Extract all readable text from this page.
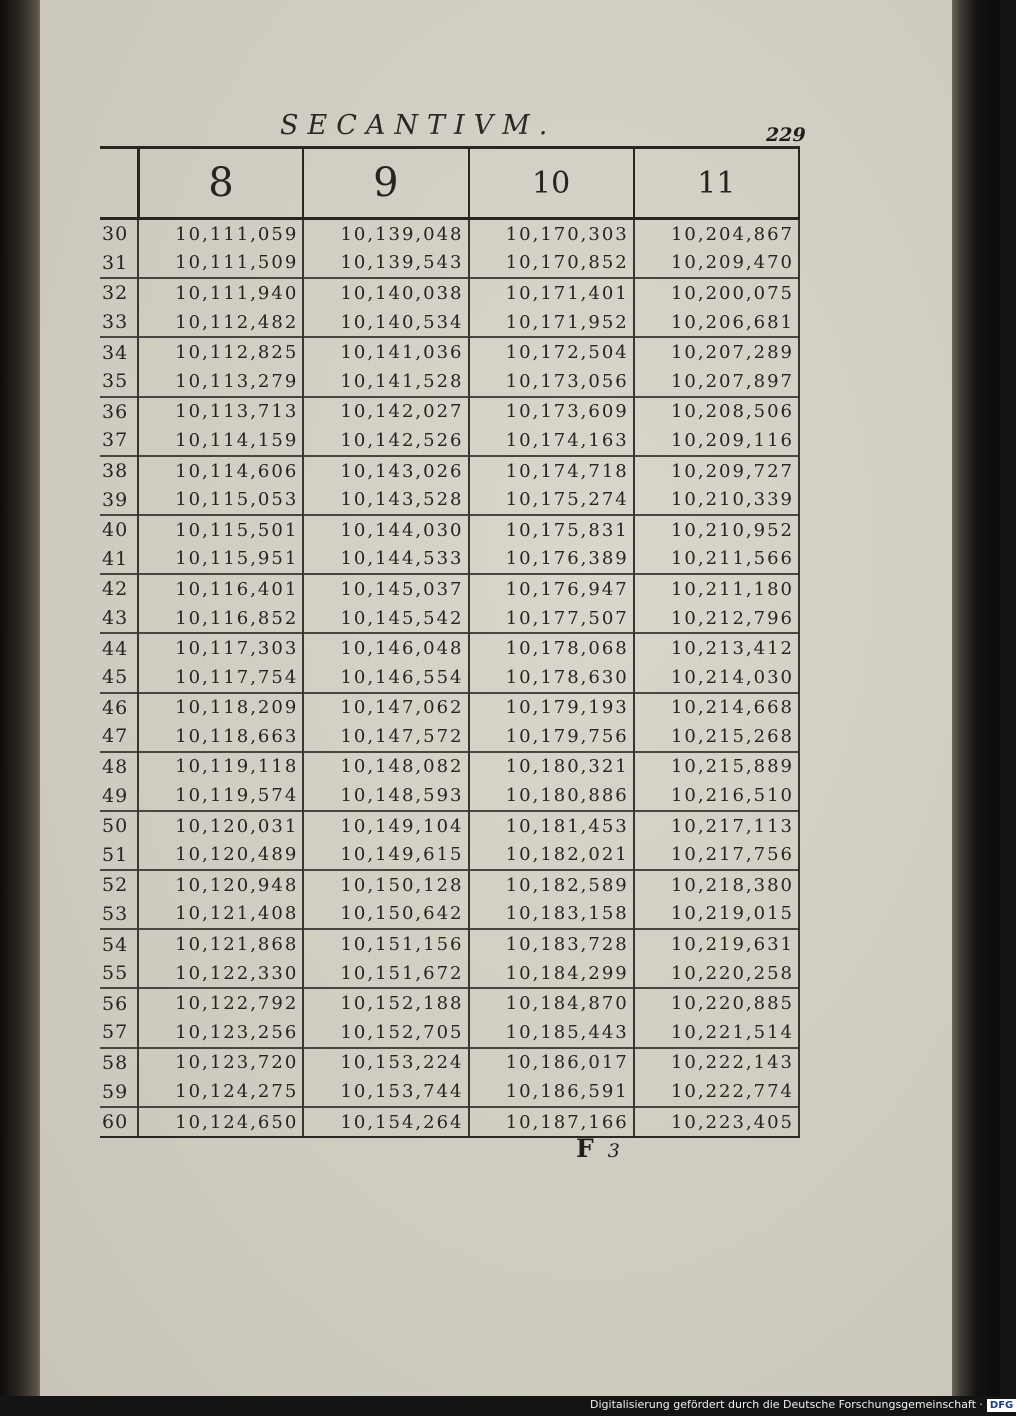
SECANTIVM.	229
	8	9	10	11
30	10,111,059	10,139,048	10,170,303	10,204,867
31	10,111,509	10,139,543	10,170,852	10,209,470
32	10,111,940	10,140,038	10,171,401	10,200,075
33	10,112,482	10,140,534	10,171,952	10,206,681
34	10,112,825	10,141,036	10,172,504	10,207,289
35	10,113,279	10,141,528	10,173,056	10,207,897
36	10,113,713	10,142,027	10,173,609	10,208,506
37	10,114,159	10,142,526	10,174,163	10,209,116
38	10,114,606	10,143,026	10,174,718	10,209,727
39	10,115,053	10,143,528	10,175,274	10,210,339
40	10,115,501	10,144,030	10,175,831	10,210,952
41	10,115,951	10,144,533	10,176,389	10,211,566
42	10,116,401	10,145,037	10,176,947	10,211,180
43	10,116,852	10,145,542	10,177,507	10,212,796
44	10,117,303	10,146,048	10,178,068	10,213,412
45	10,117,754	10,146,554	10,178,630	10,214,030
46	10,118,209	10,147,062	10,179,193	10,214,668
47	10,118,663	10,147,572	10,179,756	10,215,268
48	10,119,118	10,148,082	10,180,321	10,215,889
49	10,119,574	10,148,593	10,180,886	10,216,510
50	10,120,031	10,149,104	10,181,453	10,217,113
51	10,120,489	10,149,615	10,182,021	10,217,756
52	10,120,948	10,150,128	10,182,589	10,218,380
53	10,121,408	10,150,642	10,183,158	10,219,015
54	10,121,868	10,151,156	10,183,728	10,219,631
55	10,122,330	10,151,672	10,184,299	10,220,258
56	10,122,792	10,152,188	10,184,870	10,220,885
57	10,123,256	10,152,705	10,185,443	10,221,514
58	10,123,720	10,153,224	10,186,017	10,222,143
59	10,124,275	10,153,744	10,186,591	10,222,774
60	10,124,650	10,154,264	10,187,166	10,223,405
F 3
Digitalisierung gefördert durch die Deutsche Forschungsgemeinschaft · DFG
